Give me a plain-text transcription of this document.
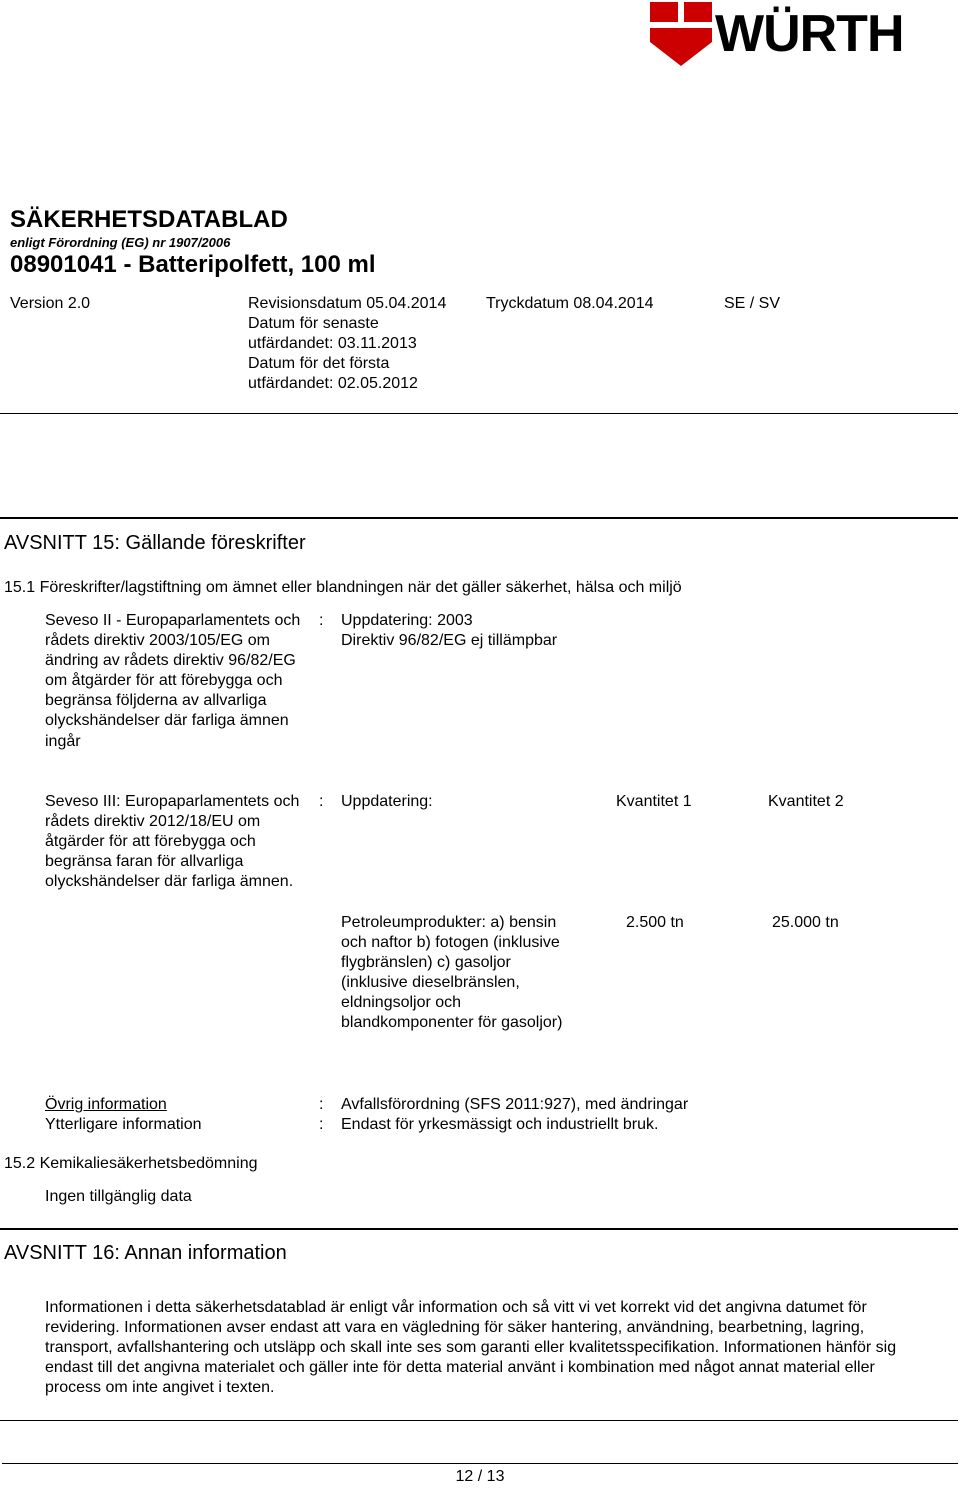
WÜRTH
SÄKERHETSDATABLAD
enligt Förordning (EG) nr 1907/2006
08901041 - Batteripolfett, 100 ml
Version 2.0	Revisionsdatum 05.04.2014
Datum för senaste
utfärdandet: 03.11.2013
Datum för det första
utfärdandet: 02.05.2012
Tryckdatum 08.04.2014	SE / SV
AVSNITT 15: Gällande föreskrifter
15.1 Föreskrifter/lagstiftning om ämnet eller blandningen när det gäller säkerhet, hälsa och miljö
Seveso II - Europaparlamentets och rådets direktiv 2003/105/EG om ändring av rådets direktiv 96/82/EG om åtgärder för att förebygga och begränsa följderna av allvarliga olyckshändelser där farliga ämnen ingår
: Uppdatering: 2003
Direktiv 96/82/EG ej tillämpbar
Seveso III: Europaparlamentets och rådets direktiv 2012/18/EU om åtgärder för att förebygga och begränsa faran för allvarliga olyckshändelser där farliga ämnen.
: Uppdatering:	Kvantitet 1	Kvantitet 2
Petroleumprodukter: a) bensin och naftor b) fotogen (inklusive flygbränslen) c) gasoljor (inklusive dieselbränslen, eldningsoljor och blandkomponenter för gasoljor)
2.500 tn	25.000 tn
Övrig information	: Avfallsförordning (SFS 2011:927), med ändringar
Ytterligare information	: Endast för yrkesmässigt och industriellt bruk.
15.2 Kemikaliesäkerhetsbedömning
Ingen tillgänglig data
AVSNITT 16: Annan information
Informationen i detta säkerhetsdatablad är enligt vår information och så vitt vi vet korrekt vid det angivna datumet för revidering. Informationen avser endast att vara en vägledning för säker hantering, användning, bearbetning, lagring, transport, avfallshantering och utsläpp och skall inte ses som garanti eller kvalitetsspecifikation. Informationen hänför sig endast till det angivna materialet och gäller inte för detta material använt i kombination med något annat material eller process om inte angivet i texten.
12 / 13
